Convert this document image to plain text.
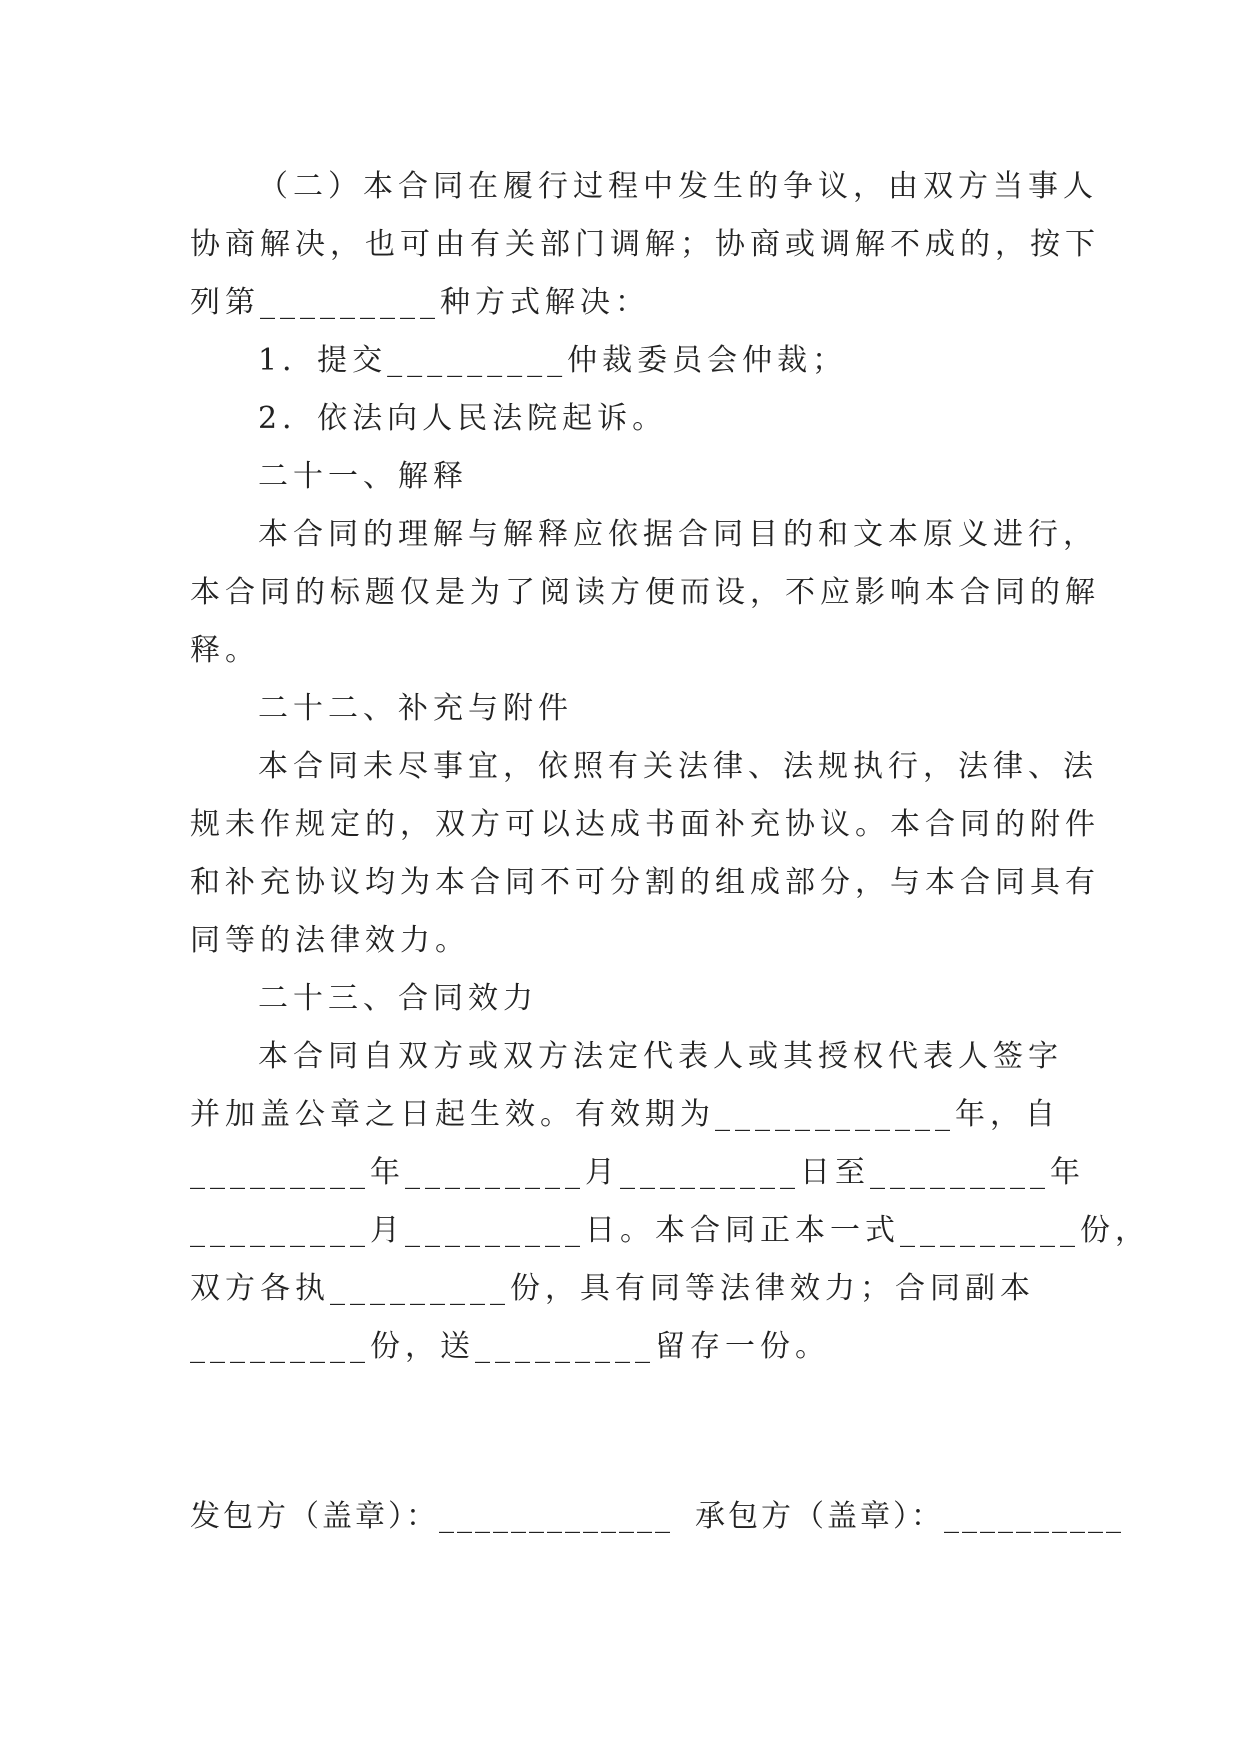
（二）本合同在履行过程中发生的争议，由双方当事人
协商解决，也可由有关部门调解；协商或调解不成的，按下
列第_________种方式解决：
1．提交_________仲裁委员会仲裁；
2．依法向人民法院起诉。
二十一、解释
本合同的理解与解释应依据合同目的和文本原义进行，
本合同的标题仅是为了阅读方便而设，不应影响本合同的解
释。
二十二、补充与附件
本合同未尽事宜，依照有关法律、法规执行，法律、法
规未作规定的，双方可以达成书面补充协议。本合同的附件
和补充协议均为本合同不可分割的组成部分，与本合同具有
同等的法律效力。
二十三、合同效力
本合同自双方或双方法定代表人或其授权代表人签字
并加盖公章之日起生效。有效期为____________年，自
_________年_________月_________日至_________年
_________月_________日。本合同正本一式_________份，
双方各执_________份，具有同等法律效力；合同副本
_________份，送_________留存一份。
发包方（盖章）：_____________ 承包方（盖章）：__________
